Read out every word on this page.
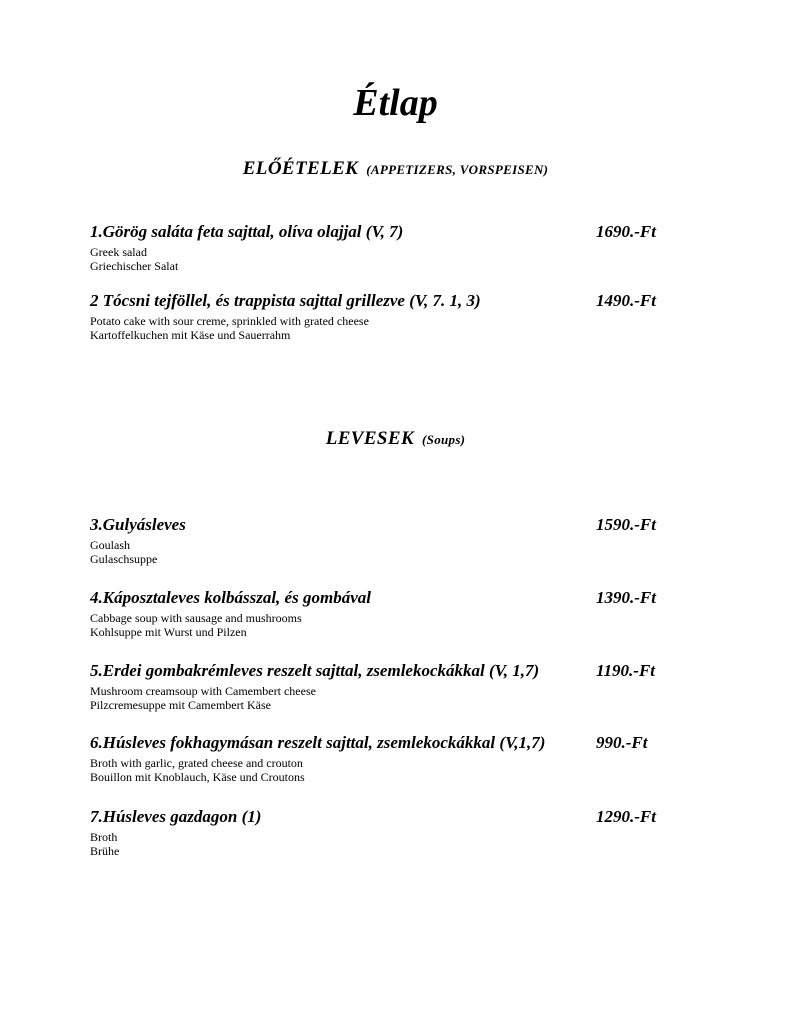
Étlap
ELŐÉTELEK (APPETIZERS, VORSPEISEN)
1.Görög saláta feta sajttal, olíva olajjal (V, 7)	1690.-Ft
Greek salad
Griechischer Salat
2 Tócsni tejföllel, és trappista sajttal grillezve (V, 7. 1, 3)	1490.-Ft
Potato cake with sour creme, sprinkled with grated cheese
Kartoffelkuchen mit Käse und Sauerrahm
LEVESEK (Soups)
3.Gulyásleves	1590.-Ft
Goulash
Gulaschsuppe
4.Káposztaleves kolbásszal, és gombával	1390.-Ft
Cabbage soup with sausage and mushrooms
Kohlsuppe mit Wurst und Pilzen
5.Erdei gombakrémleves reszelt sajttal, zsemlekockákkal (V, 1,7)	1190.-Ft
Mushroom creamsoup with Camembert cheese
Pilzcremesuppe mit Camembert Käse
6.Húsleves fokhagymásan reszelt sajttal, zsemlekockákkal (V,1,7)	990.-Ft
Broth with garlic, grated cheese and crouton
Bouillon mit Knoblauch, Käse und Croutons
7.Húsleves gazdagon (1)	1290.-Ft
Broth
Brühe
